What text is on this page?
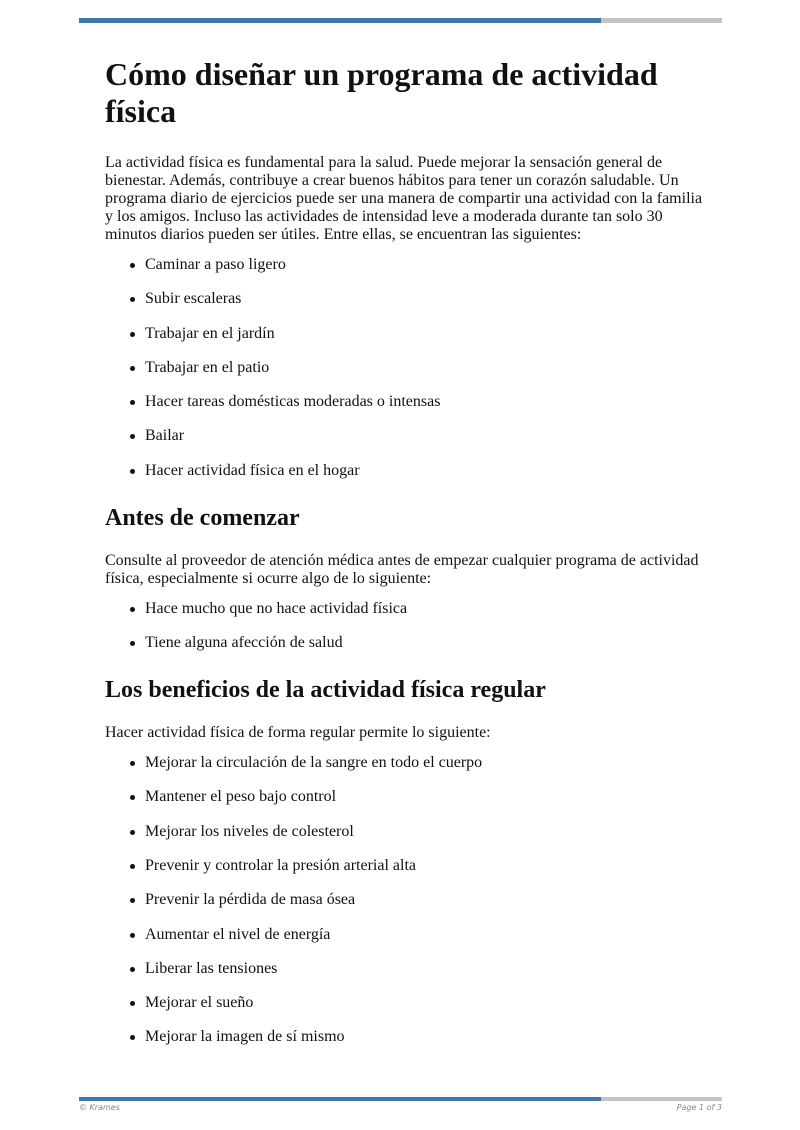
Cómo diseñar un programa de actividad física

La actividad física es fundamental para la salud. Puede mejorar la sensación general de bienestar. Además, contribuye a crear buenos hábitos para tener un corazón saludable. Un programa diario de ejercicios puede ser una manera de compartir una actividad con la familia y los amigos. Incluso las actividades de intensidad leve a moderada durante tan solo 30 minutos diarios pueden ser útiles. Entre ellas, se encuentran las siguientes:

Caminar a paso ligero
Subir escaleras
Trabajar en el jardín
Trabajar en el patio
Hacer tareas domésticas moderadas o intensas
Bailar
Hacer actividad física en el hogar
Antes de comenzar

Consulte al proveedor de atención médica antes de empezar cualquier programa de actividad física, especialmente si ocurre algo de lo siguiente:

Hace mucho que no hace actividad física
Tiene alguna afección de salud
Los beneficios de la actividad física regular

Hacer actividad física de forma regular permite lo siguiente:

Mejorar la circulación de la sangre en todo el cuerpo
Mantener el peso bajo control
Mejorar los niveles de colesterol
Prevenir y controlar la presión arterial alta
Prevenir la pérdida de masa ósea
Aumentar el nivel de energía
Liberar las tensiones
Mejorar el sueño
Mejorar la imagen de sí mismo
© Krames	Page 1 of 3
